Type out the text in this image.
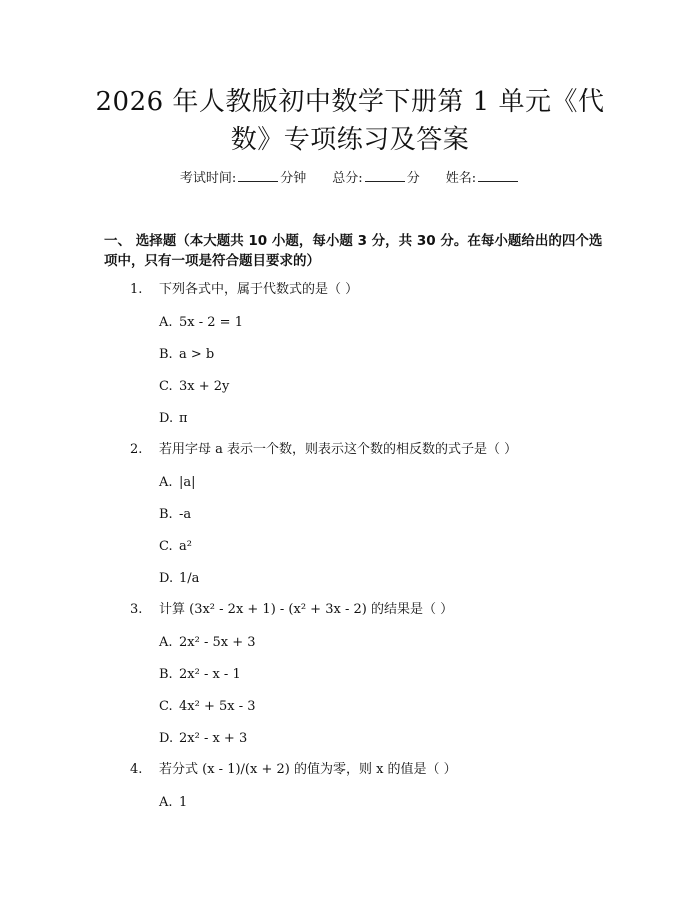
2026 年人教版初中数学下册第 1 单元《代
数》专项练习及答案
考试时间:	分钟 总分:	分 姓名:
一、 选择题（本大题共 10 小题，每小题 3 分，共 30 分。在每小题给出的四个选
项中，只有一项是符合题目要求的）
1. 下列各式中，属于代数式的是（ ）
A. 5x - 2 = 1
B. a > b
C. 3x + 2y
D. π
2. 若用字母 a 表示一个数，则表示这个数的相反数的式子是（ ）
A. |a|
B. -a
C. a²
D. 1/a
3. 计算 (3x² - 2x + 1) - (x² + 3x - 2) 的结果是（ ）
A. 2x² - 5x + 3
B. 2x² - x - 1
C. 4x² + 5x - 3
D. 2x² - x + 3
4. 若分式 (x - 1)/(x + 2) 的值为零，则 x 的值是（ ）
A. 1
